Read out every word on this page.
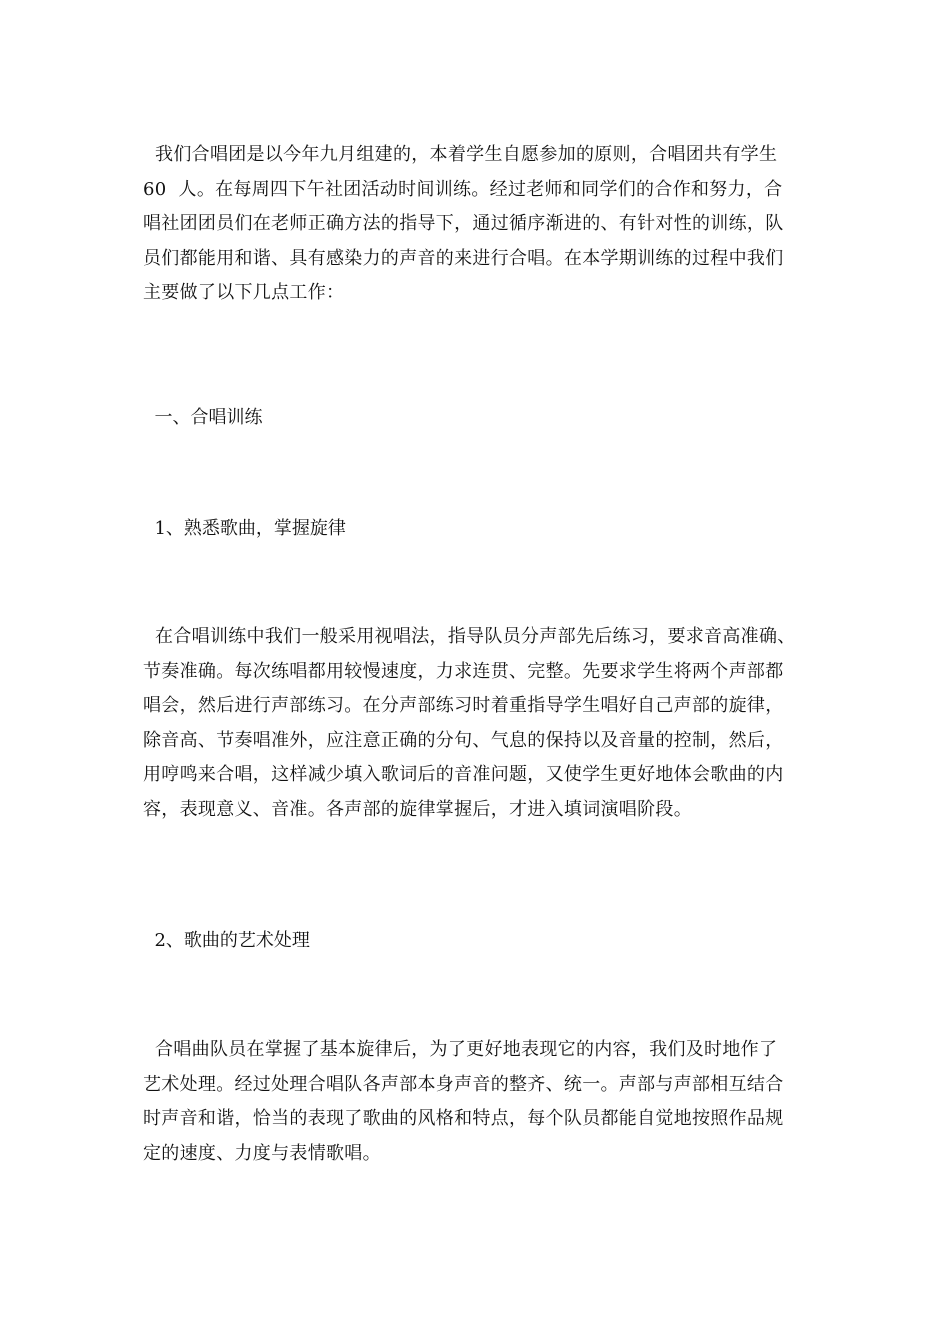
我们合唱团是以今年九月组建的，本着学生自愿参加的原则，合唱团共有学生
60  人。在每周四下午社团活动时间训练。经过老师和同学们的合作和努力，合
唱社团团员们在老师正确方法的指导下，通过循序渐进的、有针对性的训练，队
员们都能用和谐、具有感染力的声音的来进行合唱。在本学期训练的过程中我们
主要做了以下几点工作：
一、合唱训练
1、熟悉歌曲，掌握旋律
在合唱训练中我们一般采用视唱法，指导队员分声部先后练习，要求音高准确、
节奏准确。每次练唱都用较慢速度，力求连贯、完整。先要求学生将两个声部都
唱会，然后进行声部练习。在分声部练习时着重指导学生唱好自己声部的旋律，
除音高、节奏唱准外，应注意正确的分句、气息的保持以及音量的控制，然后，
用哼鸣来合唱，这样减少填入歌词后的音准问题，又使学生更好地体会歌曲的内
容，表现意义、音准。各声部的旋律掌握后，才进入填词演唱阶段。
2、歌曲的艺术处理
合唱曲队员在掌握了基本旋律后，为了更好地表现它的内容，我们及时地作了
艺术处理。经过处理合唱队各声部本身声音的整齐、统一。声部与声部相互结合
时声音和谐，恰当的表现了歌曲的风格和特点，每个队员都能自觉地按照作品规
定的速度、力度与表情歌唱。
